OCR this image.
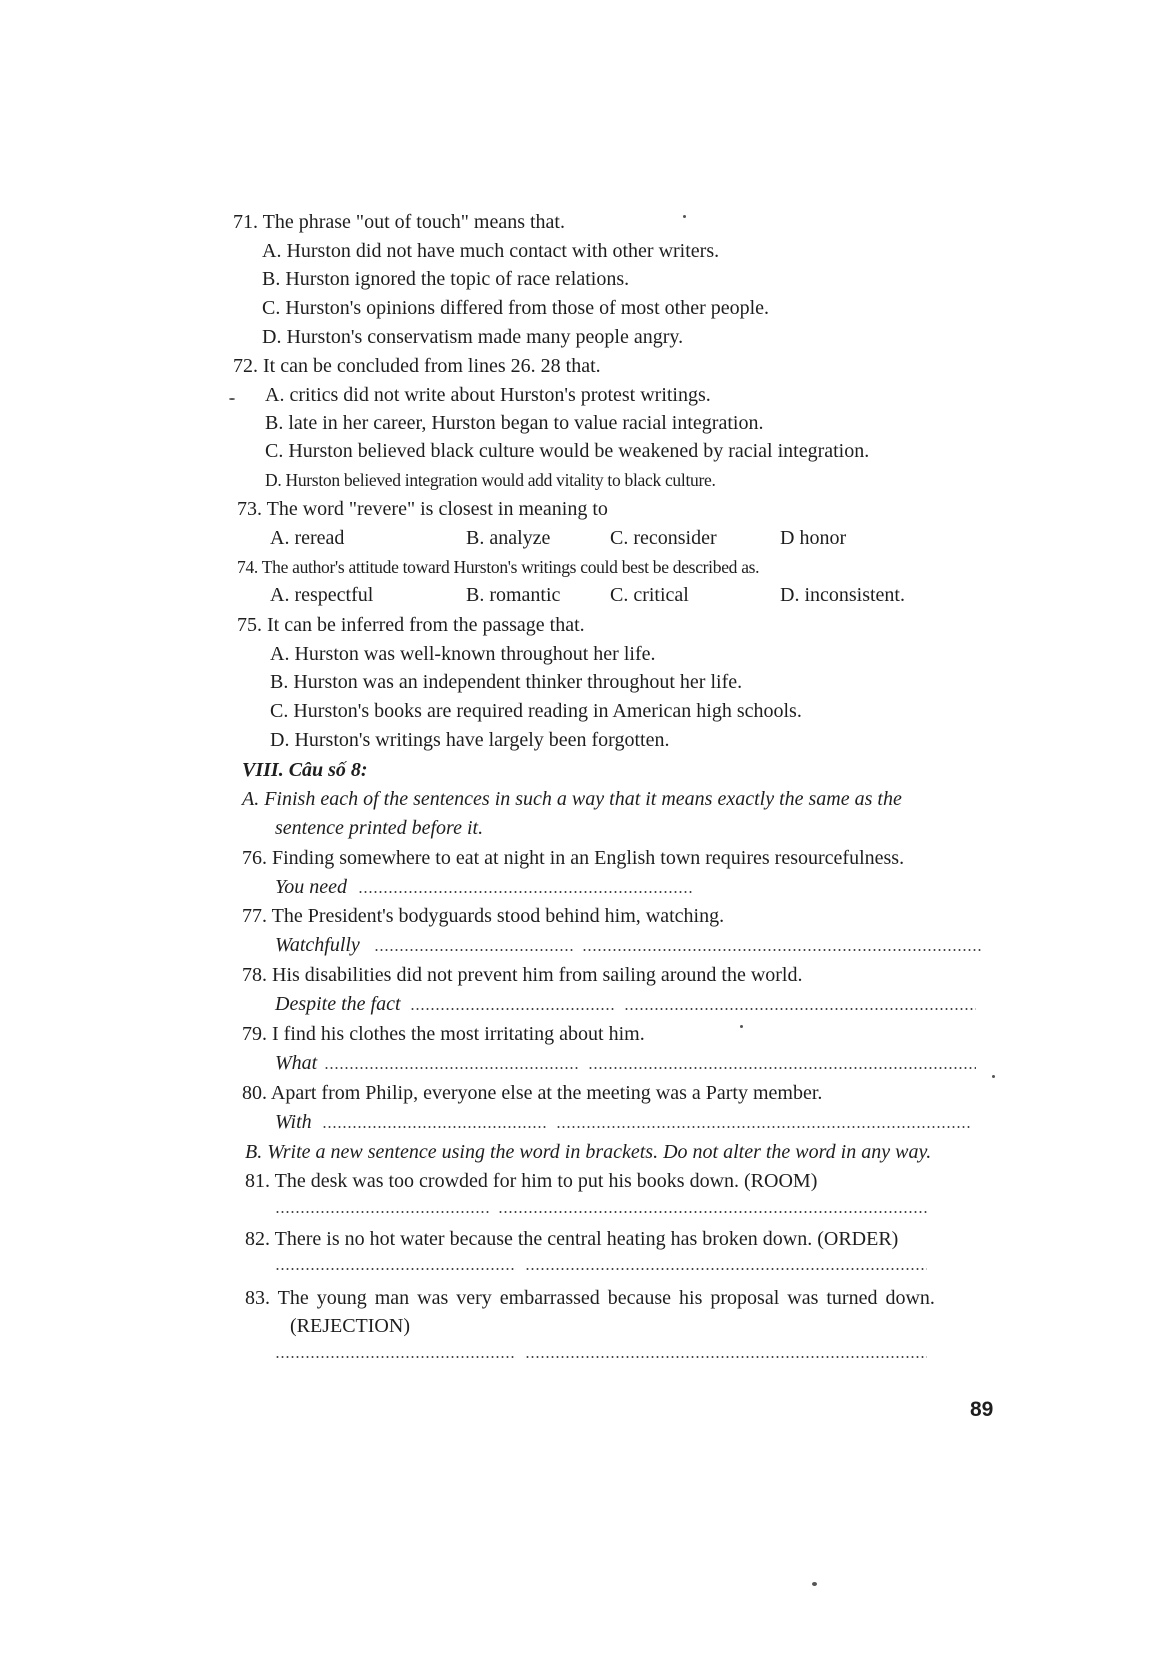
71. The phrase "out of touch" means that.
A. Hurston did not have much contact with other writers.
B. Hurston ignored the topic of race relations.
C. Hurston's opinions differed from those of most other people.
D. Hurston's conservatism made many people angry.
72. It can be concluded from lines 26. 28 that.
A. critics did not write about Hurston's protest writings.
B. late in her career, Hurston began to value racial integration.
C. Hurston believed black culture would be weakened by racial integration.
D. Hurston believed integration would add vitality to black culture.
73. The word "revere" is closest in meaning to
A. reread	B. analyze	C. reconsider	D honor
74. The author's attitude toward Hurston's writings could best be described as.
A. respectful	B. romantic C. critical	D. inconsistent.
75. It can be inferred from the passage that.
A. Hurston was well-known throughout her life.
B. Hurston was an independent thinker throughout her life.
C. Hurston's books are required reading in American high schools.
D. Hurston's writings have largely been forgotten.
VIII. Câu số 8:
A. Finish each of the sentences in such a way that it means exactly the same as the
sentence printed before it.
76. Finding somewhere to eat at night in an English town requires resourcefulness.
You need
77. The President's bodyguards stood behind him, watching.
Watchfully
78. His disabilities did not prevent him from sailing around the world.
Despite the fact
79. I find his clothes the most irritating about him.
What
80. Apart from Philip, everyone else at the meeting was a Party member.
With
B. Write a new sentence using the word in brackets. Do not alter the word in any way.
81. The desk was too crowded for him to put his books down. (ROOM)
82. There is no hot water because the central heating has broken down. (ORDER)
83. The young man was very embarrassed because his proposal was turned down.
(REJECTION)
89
